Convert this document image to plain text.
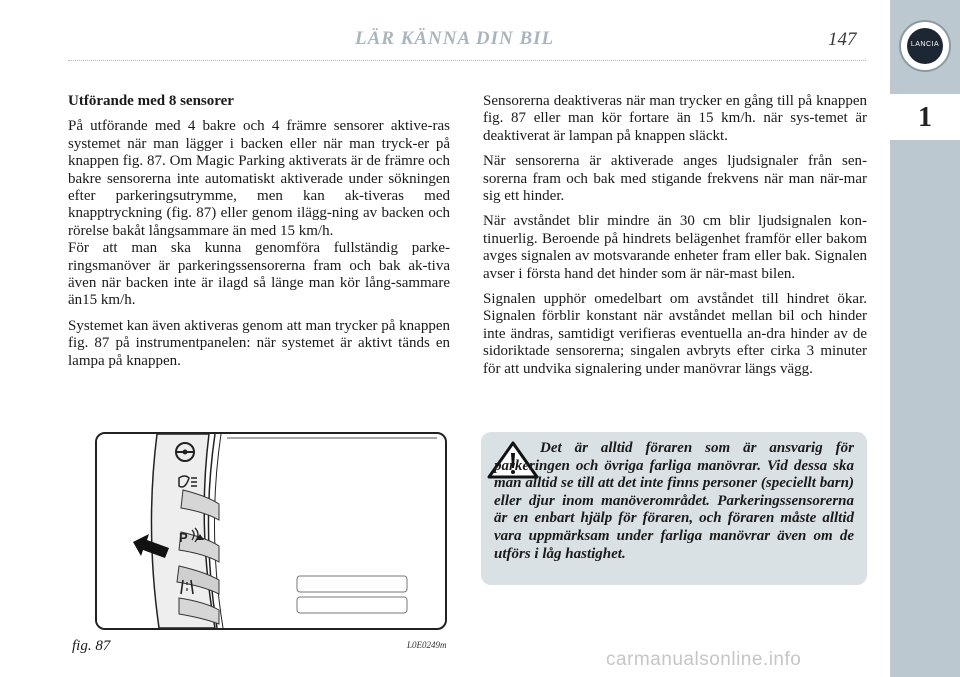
LÄR KÄNNA DIN BIL	147	LANCIA
1
Utförande med 8 sensorer

På utförande med 4 bakre och 4 främre sensorer aktive-ras systemet när man lägger i backen eller när man tryck-er på knappen fig. 87. Om Magic Parking aktiverats är de främre och bakre sensorerna inte automatiskt aktiverade under sökningen efter parkeringsutrymme, men kan ak-tiveras med knapptryckning (fig. 87) eller genom ilägg-ning av backen och rörelse bakåt långsammare än med 15 km/h.

För att man ska kunna genomföra fullständig parke-ringsmanöver är parkeringssensorerna fram och bak ak-tiva även när backen inte är ilagd så länge man kör lång-sammare än15 km/h.

Systemet kan även aktiveras genom att man trycker på knappen fig. 87 på instrumentpanelen: när systemet är aktivt tänds en lampa på knappen.

Sensorerna deaktiveras när man trycker en gång till på knappen fig. 87 eller man kör fortare än 15 km/h. när sys-temet är deaktiverat är lampan på knappen släckt.

När sensorerna är aktiverade anges ljudsignaler från sen-sorerna fram och bak med stigande frekvens när man när-mar sig ett hinder.

När avståndet blir mindre än 30 cm blir ljudsignalen kon-tinuerlig. Beroende på hindrets belägenhet framför eller bakom avges signalen av motsvarande enheter fram eller bak. Signalen avser i första hand det hinder som är när-mast bilen.

Signalen upphör omedelbart om avståndet till hindret ökar. Signalen förblir konstant när avståndet mellan bil och hinder inte ändras, samtidigt verifieras eventuella an-dra hinder av de sidoriktade sensorerna; singalen avbryts efter cirka 3 minuter för att undvika signalering under manövrar längs vägg.

P
fig. 87	L0E0249m

Det är alltid föraren som är ansvarig för parkeringen och övriga farliga manövrar. Vid dessa ska man alltid se till att det inte finns personer (speciellt barn) eller djur inom manöverområdet. Parkeringssensorerna är en enbart hjälp för föraren, och föraren måste alltid vara uppmärksam under farliga manövrar även om de utförs i låg hastighet.

carmanualsonline.info
